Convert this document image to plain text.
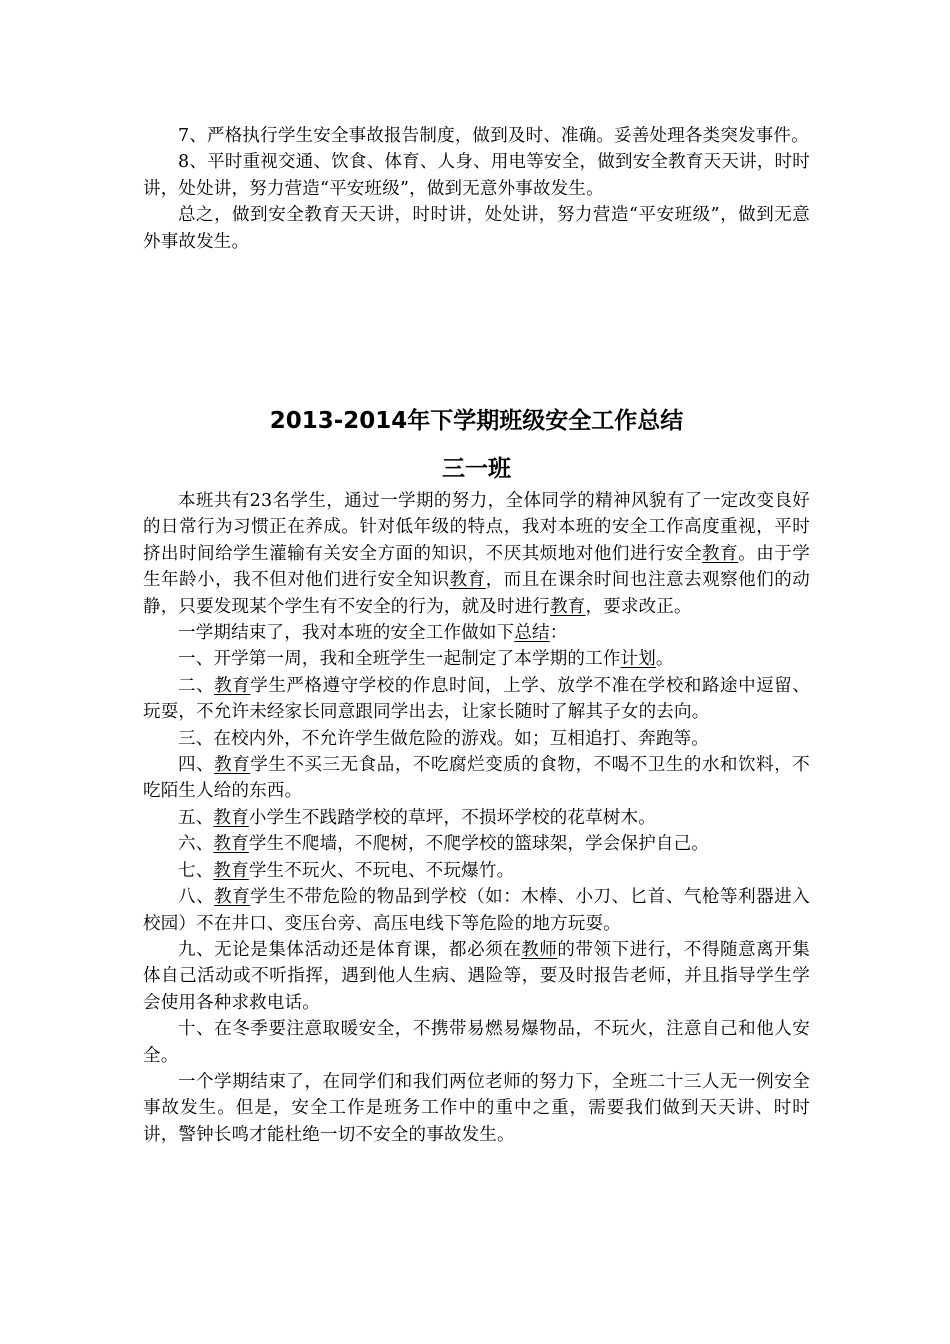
7、严格执行学生安全事故报告制度，做到及时、准确。妥善处理各类突发事件。

8、平时重视交通、饮食、体育、人身、用电等安全，做到安全教育天天讲，时时讲，处处讲，努力营造“平安班级”，做到无意外事故发生。

总之，做到安全教育天天讲，时时讲，处处讲，努力营造“平安班级”，做到无意外事故发生。

2013-2014年下学期班级安全工作总结
三一班

本班共有23名学生，通过一学期的努力，全体同学的精神风貌有了一定改变良好的日常行为习惯正在养成。针对低年级的特点，我对本班的安全工作高度重视，平时挤出时间给学生灌输有关安全方面的知识，不厌其烦地对他们进行安全教育。由于学生年龄小，我不但对他们进行安全知识教育，而且在课余时间也注意去观察他们的动静，只要发现某个学生有不安全的行为，就及时进行教育，要求改正。

一学期结束了，我对本班的安全工作做如下总结：

一、开学第一周，我和全班学生一起制定了本学期的工作计划。

二、教育学生严格遵守学校的作息时间，上学、放学不准在学校和路途中逗留、玩耍，不允许未经家长同意跟同学出去，让家长随时了解其子女的去向。

三、在校内外，不允许学生做危险的游戏。如；互相追打、奔跑等。

四、教育学生不买三无食品，不吃腐烂变质的食物，不喝不卫生的水和饮料，不吃陌生人给的东西。

五、教育小学生不践踏学校的草坪，不损坏学校的花草树木。

六、教育学生不爬墙，不爬树，不爬学校的篮球架，学会保护自己。

七、教育学生不玩火、不玩电、不玩爆竹。

八、教育学生不带危险的物品到学校（如：木棒、小刀、匕首、气枪等利器进入校园）不在井口、变压台旁、高压电线下等危险的地方玩耍。

九、无论是集体活动还是体育课，都必须在教师的带领下进行，不得随意离开集体自己活动或不听指挥，遇到他人生病、遇险等，要及时报告老师，并且指导学生学会使用各种求救电话。

十、在冬季要注意取暖安全，不携带易燃易爆物品，不玩火，注意自己和他人安全。

一个学期结束了，在同学们和我们两位老师的努力下，全班二十三人无一例安全事故发生。但是，安全工作是班务工作中的重中之重，需要我们做到天天讲、时时讲，警钟长鸣才能杜绝一切不安全的事故发生。
